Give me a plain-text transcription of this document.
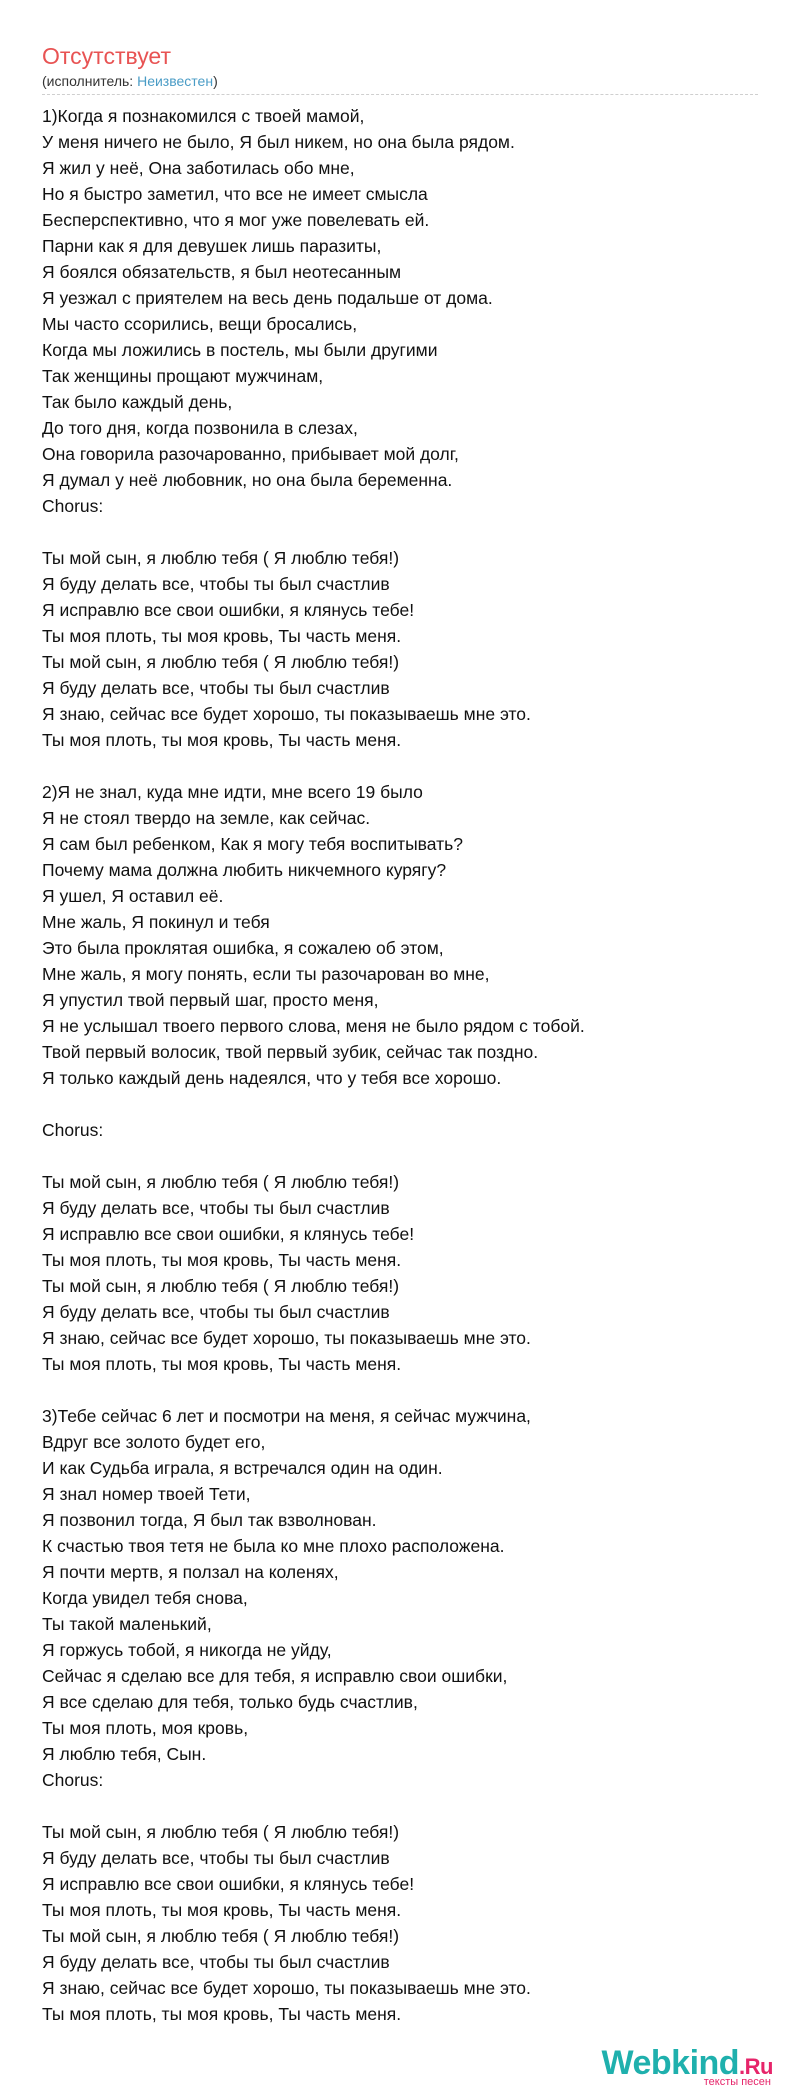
Отсутствует
(исполнитель: Неизвестен)
1)Когда я познакомился с твоей мамой,
У меня ничего не было, Я был никем, но она была рядом.
Я жил у неё, Она заботилась обо мне,
Но я быстро заметил, что все не имеет смысла
Бесперспективно, что я мог уже повелевать ей.
Парни как я для девушек лишь паразиты,
Я боялся обязательств, я был неотесанным
Я уезжал с приятелем на весь день подальше от дома.
Мы часто ссорились, вещи бросались,
Когда мы ложились в постель, мы были другими
Так женщины прощают мужчинам,
Так было каждый день,
До того дня, когда позвонила в слезах,
Она говорила разочарованно, прибывает мой долг,
Я думал у неё любовник, но она была беременна.
Chorus:
Ты мой сын, я люблю тебя ( Я люблю тебя!)
Я буду делать все, чтобы ты был счастлив
Я исправлю все свои ошибки, я клянусь тебе!
Ты моя плоть, ты моя кровь, Ты часть меня.
Ты мой сын, я люблю тебя ( Я люблю тебя!)
Я буду делать все, чтобы ты был счастлив
Я знаю, сейчас все будет хорошо, ты показываешь мне это.
Ты моя плоть, ты моя кровь, Ты часть меня.
2)Я не знал, куда мне идти, мне всего 19 было
Я не стоял твердо на земле, как сейчас.
Я сам был ребенком, Как я могу тебя воспитывать?
Почему мама должна любить никчемного курягу?
Я ушел, Я оставил её.
Мне жаль, Я покинул и тебя
Это была проклятая ошибка, я сожалею об этом,
Мне жаль, я могу понять, если ты разочарован во мне,
Я упустил твой первый шаг, просто меня,
Я не услышал твоего первого слова, меня не было рядом с тобой.
Твой первый волосик, твой первый зубик, сейчас так поздно.
Я только каждый день надеялся, что у тебя все хорошо.
Chorus:
Ты мой сын, я люблю тебя ( Я люблю тебя!)
Я буду делать все, чтобы ты был счастлив
Я исправлю все свои ошибки, я клянусь тебе!
Ты моя плоть, ты моя кровь, Ты часть меня.
Ты мой сын, я люблю тебя ( Я люблю тебя!)
Я буду делать все, чтобы ты был счастлив
Я знаю, сейчас все будет хорошо, ты показываешь мне это.
Ты моя плоть, ты моя кровь, Ты часть меня.
3)Тебе сейчас 6 лет и посмотри на меня, я сейчас мужчина,
Вдруг все золото будет его,
И как Судьба играла, я встречался один на один.
Я знал номер твоей Тети,
Я позвонил тогда, Я был так взволнован.
К счастью твоя тетя не была ко мне плохо расположена.
Я почти мертв, я ползал на коленях,
Когда увидел тебя снова,
Ты такой маленький,
Я горжусь тобой, я никогда не уйду,
Сейчас я сделаю все для тебя, я исправлю свои ошибки,
Я все сделаю для тебя, только будь счастлив,
Ты моя плоть, моя кровь,
Я люблю тебя, Сын.
Chorus:
Ты мой сын, я люблю тебя ( Я люблю тебя!)
Я буду делать все, чтобы ты был счастлив
Я исправлю все свои ошибки, я клянусь тебе!
Ты моя плоть, ты моя кровь, Ты часть меня.
Ты мой сын, я люблю тебя ( Я люблю тебя!)
Я буду делать все, чтобы ты был счастлив
Я знаю, сейчас все будет хорошо, ты показываешь мне это.
Ты моя плоть, ты моя кровь, Ты часть меня.
Webkind.Ru
тексты песен
